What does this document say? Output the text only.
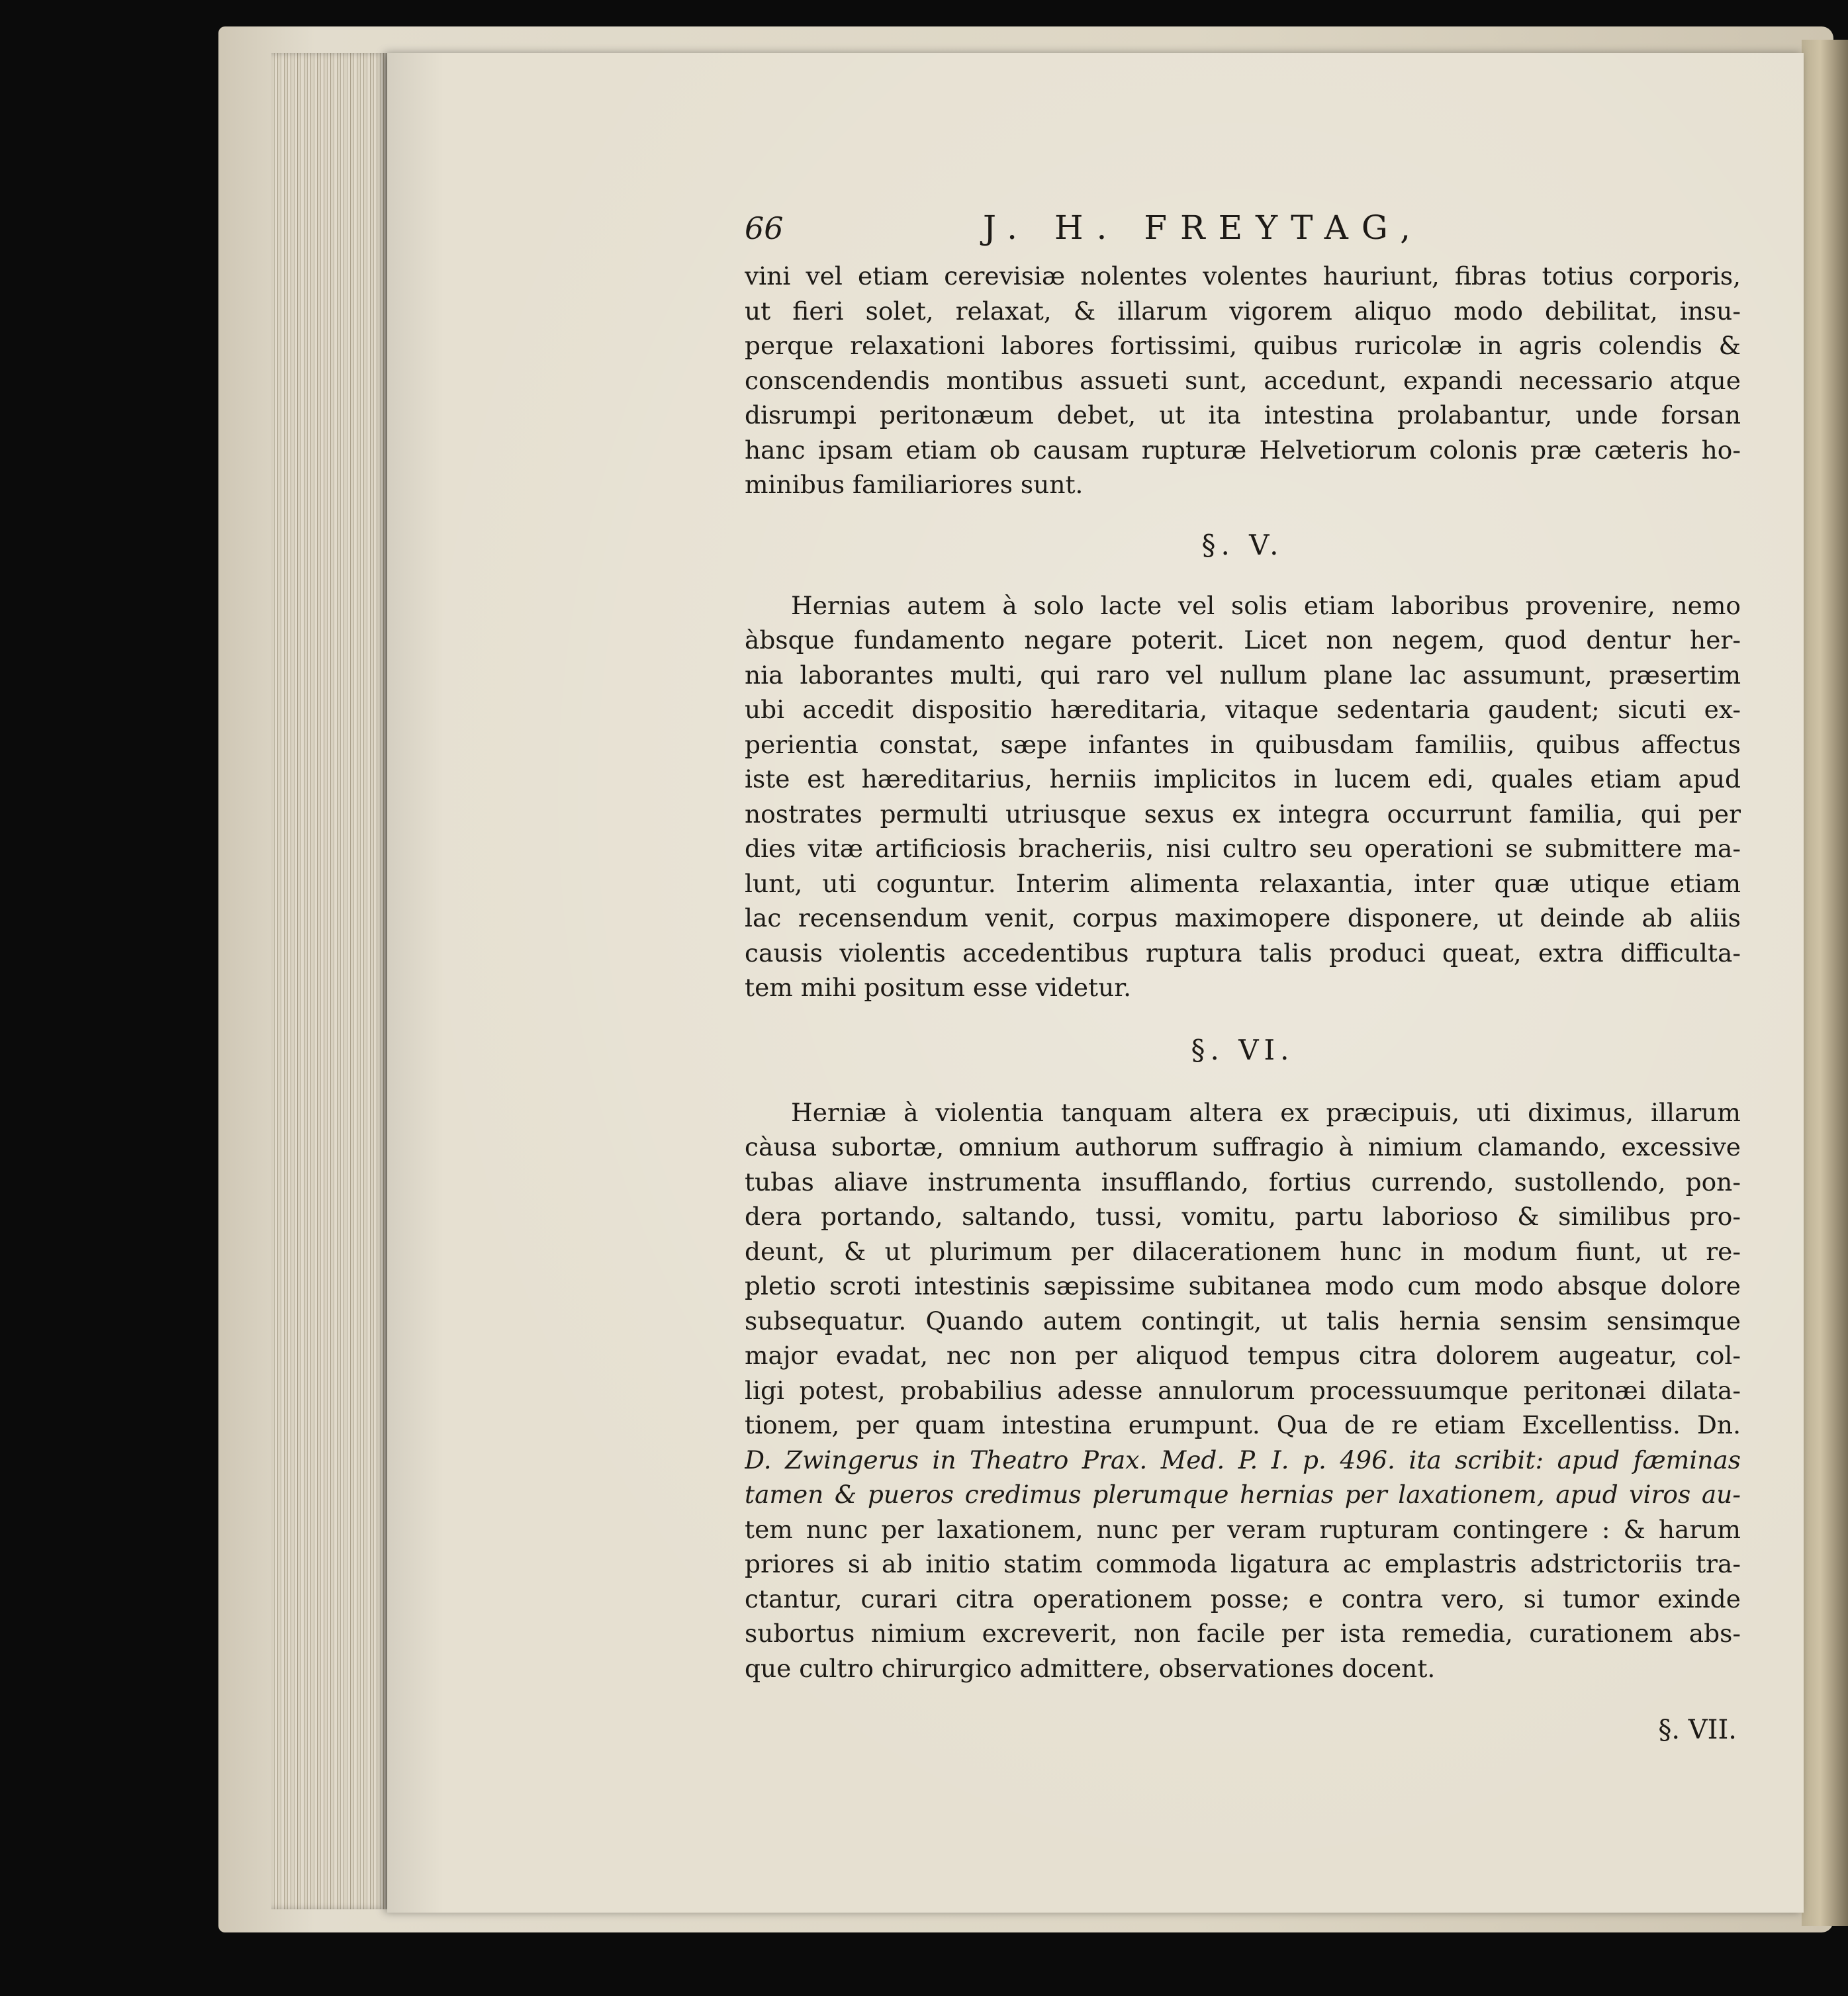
66	J. H. FREYTAG,
vini vel etiam cerevisiæ nolentes volentes hauriunt, fibras totius corporis,
ut fieri solet, relaxat, & illarum vigorem aliquo modo debilitat, insu-
perque relaxationi labores fortissimi, quibus ruricolæ in agris colendis &
conscendendis montibus assueti sunt, accedunt, expandi necessario atque
disrumpi peritonæum debet, ut ita intestina prolabantur, unde forsan
hanc ipsam etiam ob causam rupturæ Helvetiorum colonis præ cæteris ho-
minibus familiariores sunt.
§. V.
Hernias autem à solo lacte vel solis etiam laboribus provenire, nemo
àbsque fundamento negare poterit. Licet non negem, quod dentur her-
nia laborantes multi, qui raro vel nullum plane lac assumunt, præsertim
ubi accedit dispositio hæreditaria, vitaque sedentaria gaudent; sicuti ex-
perientia constat, sæpe infantes in quibusdam familiis, quibus affectus
iste est hæreditarius, herniis implicitos in lucem edi, quales etiam apud
nostrates permulti utriusque sexus ex integra occurrunt familia, qui per
dies vitæ artificiosis bracheriis, nisi cultro seu operationi se submittere ma-
lunt, uti coguntur. Interim alimenta relaxantia, inter quæ utique etiam
lac recensendum venit, corpus maximopere disponere, ut deinde ab aliis
causis violentis accedentibus ruptura talis produci queat, extra difficulta-
tem mihi positum esse videtur.
§. VI.
Herniæ à violentia tanquam altera ex præcipuis, uti diximus, illarum
càusa subortæ, omnium authorum suffragio à nimium clamando, excessive
tubas aliave instrumenta insufflando, fortius currendo, sustollendo, pon-
dera portando, saltando, tussi, vomitu, partu laborioso & similibus pro-
deunt, & ut plurimum per dilacerationem hunc in modum fiunt, ut re-
pletio scroti intestinis sæpissime subitanea modo cum modo absque dolore
subsequatur. Quando autem contingit, ut talis hernia sensim sensimque
major evadat, nec non per aliquod tempus citra dolorem augeatur, col-
ligi potest, probabilius adesse annulorum processuumque peritonæi dilata-
tionem, per quam intestina erumpunt. Qua de re etiam Excellentiss. Dn.
D. Zwingerus in Theatro Prax. Med. P. I. p. 496. ita scribit: apud fæminas
tamen & pueros credimus plerumque hernias per laxationem, apud viros au-
tem nunc per laxationem, nunc per veram rupturam contingere : & harum
priores si ab initio statim commoda ligatura ac emplastris adstrictoriis tra-
ctantur, curari citra operationem posse; e contra vero, si tumor exinde
subortus nimium excreverit, non facile per ista remedia, curationem abs-
que cultro chirurgico admittere, observationes docent.
§. VII.
